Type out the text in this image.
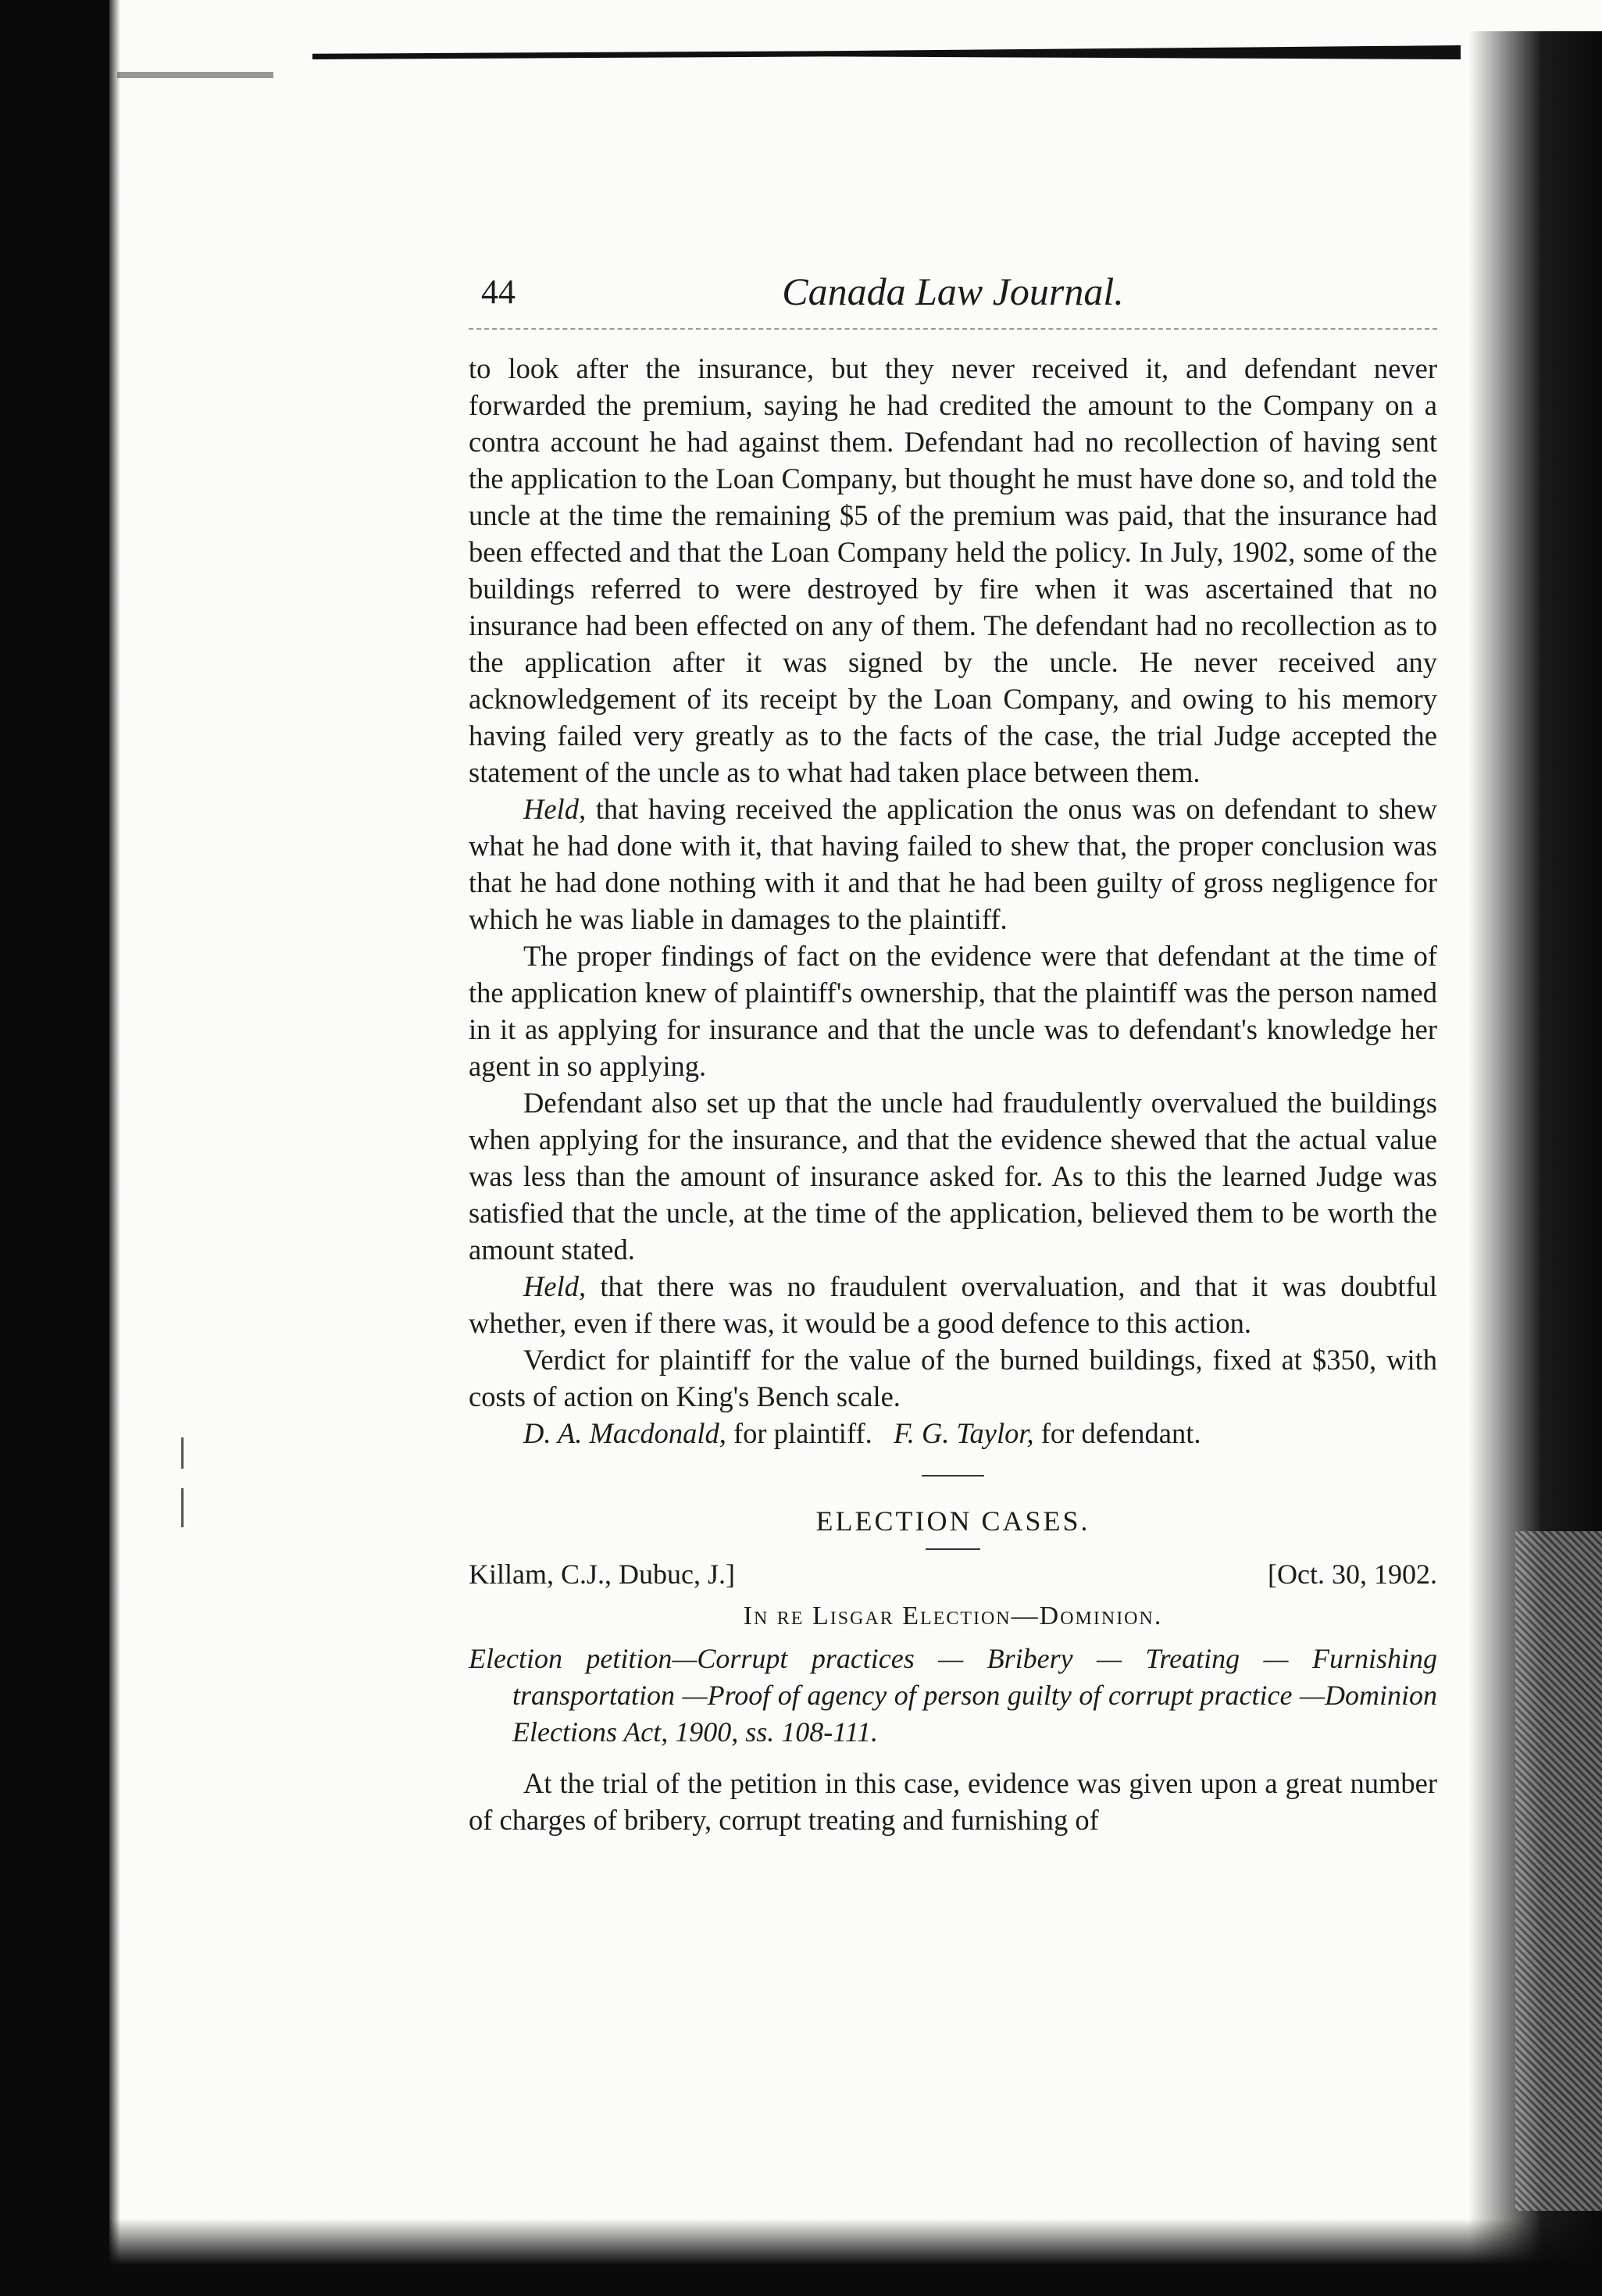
44	Canada Law Journal.

to look after the insurance, but they never received it, and defendant never forwarded the premium, saying he had credited the amount to the Company on a contra account he had against them. Defendant had no recollection of having sent the application to the Loan Company, but thought he must have done so, and told the uncle at the time the remaining $5 of the premium was paid, that the insurance had been effected and that the Loan Company held the policy. In July, 1902, some of the buildings referred to were destroyed by fire when it was ascertained that no insurance had been effected on any of them. The defendant had no recollection as to the application after it was signed by the uncle. He never received any acknowledgement of its receipt by the Loan Company, and owing to his memory having failed very greatly as to the facts of the case, the trial Judge accepted the statement of the uncle as to what had taken place between them.

Held, that having received the application the onus was on defendant to shew what he had done with it, that having failed to shew that, the proper conclusion was that he had done nothing with it and that he had been guilty of gross negligence for which he was liable in damages to the plaintiff.

The proper findings of fact on the evidence were that defendant at the time of the application knew of plaintiff's ownership, that the plaintiff was the person named in it as applying for insurance and that the uncle was to defendant's knowledge her agent in so applying.

Defendant also set up that the uncle had fraudulently overvalued the buildings when applying for the insurance, and that the evidence shewed that the actual value was less than the amount of insurance asked for. As to this the learned Judge was satisfied that the uncle, at the time of the application, believed them to be worth the amount stated.

Held, that there was no fraudulent overvaluation, and that it was doubtful whether, even if there was, it would be a good defence to this action.

Verdict for plaintiff for the value of the burned buildings, fixed at $350, with costs of action on King's Bench scale.

D. A. Macdonald, for plaintiff. F. G. Taylor, for defendant.

ELECTION CASES.
Killam, C.J., Dubuc, J.]	[Oct. 30, 1902.
In re Lisgar Election—Dominion.
Election petition—Corrupt practices — Bribery — Treating — Furnishing transportation —Proof of agency of person guilty of corrupt practice —Dominion Elections Act, 1900, ss. 108-111.

At the trial of the petition in this case, evidence was given upon a great number of charges of bribery, corrupt treating and furnishing of
